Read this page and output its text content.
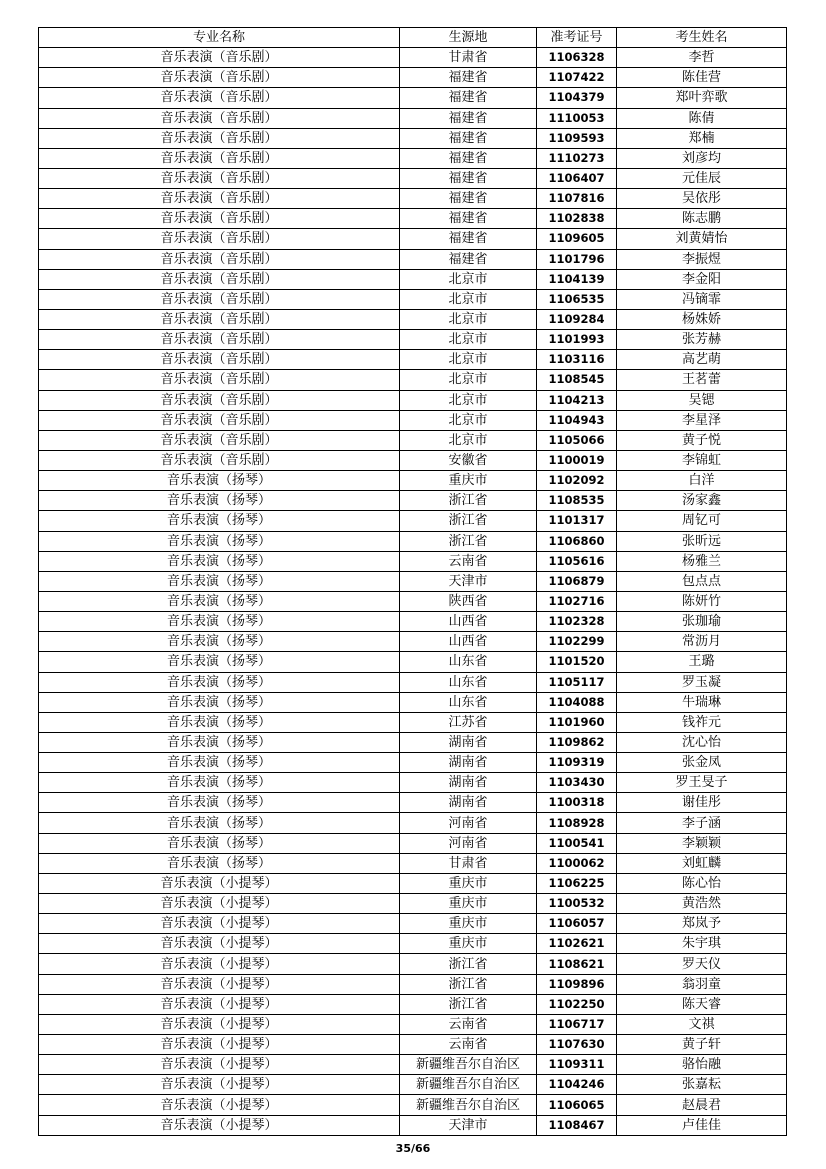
专业名称	生源地	准考证号	考生姓名
音乐表演（音乐剧）	甘肃省	1106328	李哲
音乐表演（音乐剧）	福建省	1107422	陈佳营
音乐表演（音乐剧）	福建省	1104379	郑叶弈歌
音乐表演（音乐剧）	福建省	1110053	陈倩
音乐表演（音乐剧）	福建省	1109593	郑楠
音乐表演（音乐剧）	福建省	1110273	刘彦均
音乐表演（音乐剧）	福建省	1106407	元佳辰
音乐表演（音乐剧）	福建省	1107816	吴依彤
音乐表演（音乐剧）	福建省	1102838	陈志鹏
音乐表演（音乐剧）	福建省	1109605	刘黄婧怡
音乐表演（音乐剧）	福建省	1101796	李振煜
音乐表演（音乐剧）	北京市	1104139	李金阳
音乐表演（音乐剧）	北京市	1106535	冯镝霏
音乐表演（音乐剧）	北京市	1109284	杨姝娇
音乐表演（音乐剧）	北京市	1101993	张芳赫
音乐表演（音乐剧）	北京市	1103116	高艺萌
音乐表演（音乐剧）	北京市	1108545	王茗蕾
音乐表演（音乐剧）	北京市	1104213	吴锶
音乐表演（音乐剧）	北京市	1104943	李星泽
音乐表演（音乐剧）	北京市	1105066	黄子悦
音乐表演（音乐剧）	安徽省	1100019	李锦虹
音乐表演（扬琴）	重庆市	1102092	白洋
音乐表演（扬琴）	浙江省	1108535	汤家鑫
音乐表演（扬琴）	浙江省	1101317	周钇可
音乐表演（扬琴）	浙江省	1106860	张昕远
音乐表演（扬琴）	云南省	1105616	杨雅兰
音乐表演（扬琴）	天津市	1106879	包点点
音乐表演（扬琴）	陕西省	1102716	陈妍竹
音乐表演（扬琴）	山西省	1102328	张珈瑜
音乐表演（扬琴）	山西省	1102299	常沥月
音乐表演（扬琴）	山东省	1101520	王璐
音乐表演（扬琴）	山东省	1105117	罗玉凝
音乐表演（扬琴）	山东省	1104088	牛瑞琳
音乐表演（扬琴）	江苏省	1101960	钱祚元
音乐表演（扬琴）	湖南省	1109862	沈心怡
音乐表演（扬琴）	湖南省	1109319	张金凤
音乐表演（扬琴）	湖南省	1103430	罗王旻子
音乐表演（扬琴）	湖南省	1100318	谢佳彤
音乐表演（扬琴）	河南省	1108928	李子涵
音乐表演（扬琴）	河南省	1100541	李颖颖
音乐表演（扬琴）	甘肃省	1100062	刘虹麟
音乐表演（小提琴）	重庆市	1106225	陈心怡
音乐表演（小提琴）	重庆市	1100532	黄浩然
音乐表演（小提琴）	重庆市	1106057	郑岚予
音乐表演（小提琴）	重庆市	1102621	朱宇琪
音乐表演（小提琴）	浙江省	1108621	罗天仪
音乐表演（小提琴）	浙江省	1109896	翁羽童
音乐表演（小提琴）	浙江省	1102250	陈天睿
音乐表演（小提琴）	云南省	1106717	文祺
音乐表演（小提琴）	云南省	1107630	黄子轩
音乐表演（小提琴）	新疆维吾尔自治区	1109311	骆怡融
音乐表演（小提琴）	新疆维吾尔自治区	1104246	张嘉耘
音乐表演（小提琴）	新疆维吾尔自治区	1106065	赵晨君
音乐表演（小提琴）	天津市	1108467	卢佳佳
35/66
